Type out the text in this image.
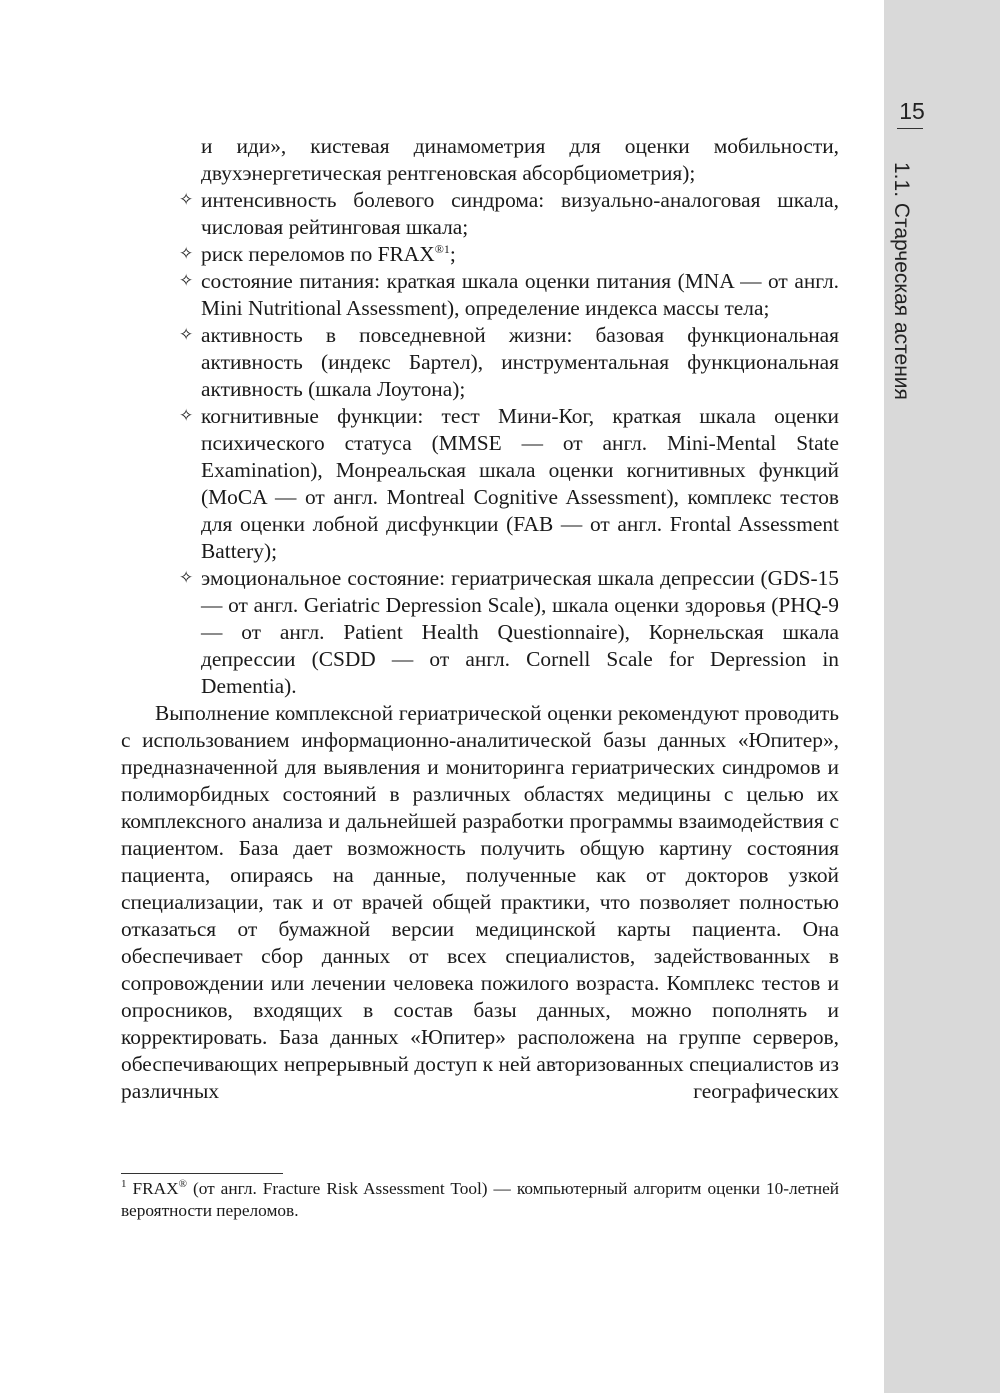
15
1.1. Старческая астения
и иди», кистевая динамометрия для оценки мобильности, двухэнергетическая рентгеновская абсорбциометрия);
✧ интенсивность болевого синдрома: визуально-аналоговая шкала, числовая рейтинговая шкала;
✧ риск переломов по $FRAX^{®1}$;
✧ состояние питания: краткая шкала оценки питания (MNA — от англ. Mini Nutritional Assessment), определение индекса массы тела;
✧ активность в повседневной жизни: базовая функциональная активность (индекс Бартел), инструментальная функциональная активность (шкала Лоутона);
✧ когнитивные функции: тест Мини-Ког, краткая шкала оценки психического статуса (MMSE — от англ. Mini-Mental State Examination), Монреальская шкала оценки когнитивных функций (MoCA — от англ. Montreal Cognitive Assessment), комплекс тестов для оценки лобной дисфункции (FAB — от англ. Frontal Assessment Battery);
✧ эмоциональное состояние: гериатрическая шкала депрессии (GDS-15 — от англ. Geriatric Depression Scale), шкала оценки здоровья (PHQ-9 — от англ. Patient Health Questionnaire), Корнельская шкала депрессии (CSDD — от англ. Cornell Scale for Depression in Dementia).

Выполнение комплексной гериатрической оценки рекомендуют проводить с использованием информационно-аналитической базы данных «Юпитер», предназначенной для выявления и мониторинга гериатрических синдромов и полиморбидных состояний в различных областях медицины с целью их комплексного анализа и дальнейшей разработки программы взаимодействия с пациентом. База дает возможность получить общую картину состояния пациента, опираясь на данные, полученные как от докторов узкой специализации, так и от врачей общей практики, что позволяет полностью отказаться от бумажной версии медицинской карты пациента. Она обеспечивает сбор данных от всех специалистов, задействованных в сопровождении или лечении человека пожилого возраста. Комплекс тестов и опросников, входящих в состав базы данных, можно пополнять и корректировать. База данных «Юпитер» расположена на группе серверов, обеспечивающих непрерывный доступ к ней авторизованных специалистов из различных географических

$^1$ FRAX® (от англ. Fracture Risk Assessment Tool) — компьютерный алгоритм оценки 10-летней вероятности переломов.
